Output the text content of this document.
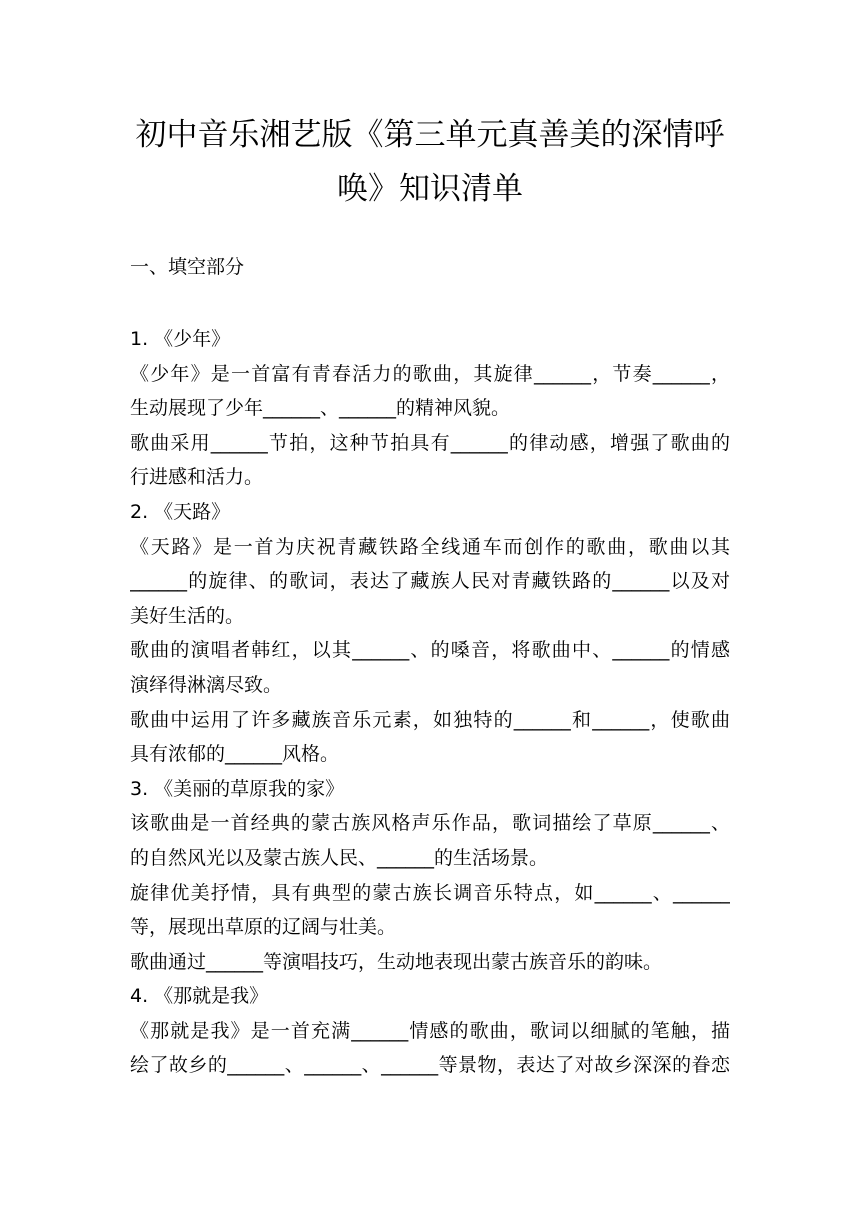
初中音乐湘艺版《第三单元真善美的深情呼
唤》知识清单

一、填空部分

1. 《少年》

《少年》是一首富有青春活力的歌曲，其旋律______，节奏______，

生动展现了少年______、______的精神风貌。

歌曲采用______节拍，这种节拍具有______的律动感，增强了歌曲的

行进感和活力。

2. 《天路》

《天路》是一首为庆祝青藏铁路全线通车而创作的歌曲，歌曲以其

______的旋律、的歌词，表达了藏族人民对青藏铁路的______以及对

美好生活的。

歌曲的演唱者韩红，以其______、的嗓音，将歌曲中、______的情感

演绎得淋漓尽致。

歌曲中运用了许多藏族音乐元素，如独特的______和______，使歌曲

具有浓郁的______风格。

3. 《美丽的草原我的家》

该歌曲是一首经典的蒙古族风格声乐作品，歌词描绘了草原______、

的自然风光以及蒙古族人民、______的生活场景。

旋律优美抒情，具有典型的蒙古族长调音乐特点，如______、______

等，展现出草原的辽阔与壮美。

歌曲通过______等演唱技巧，生动地表现出蒙古族音乐的韵味。

4. 《那就是我》

《那就是我》是一首充满______情感的歌曲，歌词以细腻的笔触，描

绘了故乡的______、______、______等景物，表达了对故乡深深的眷恋
